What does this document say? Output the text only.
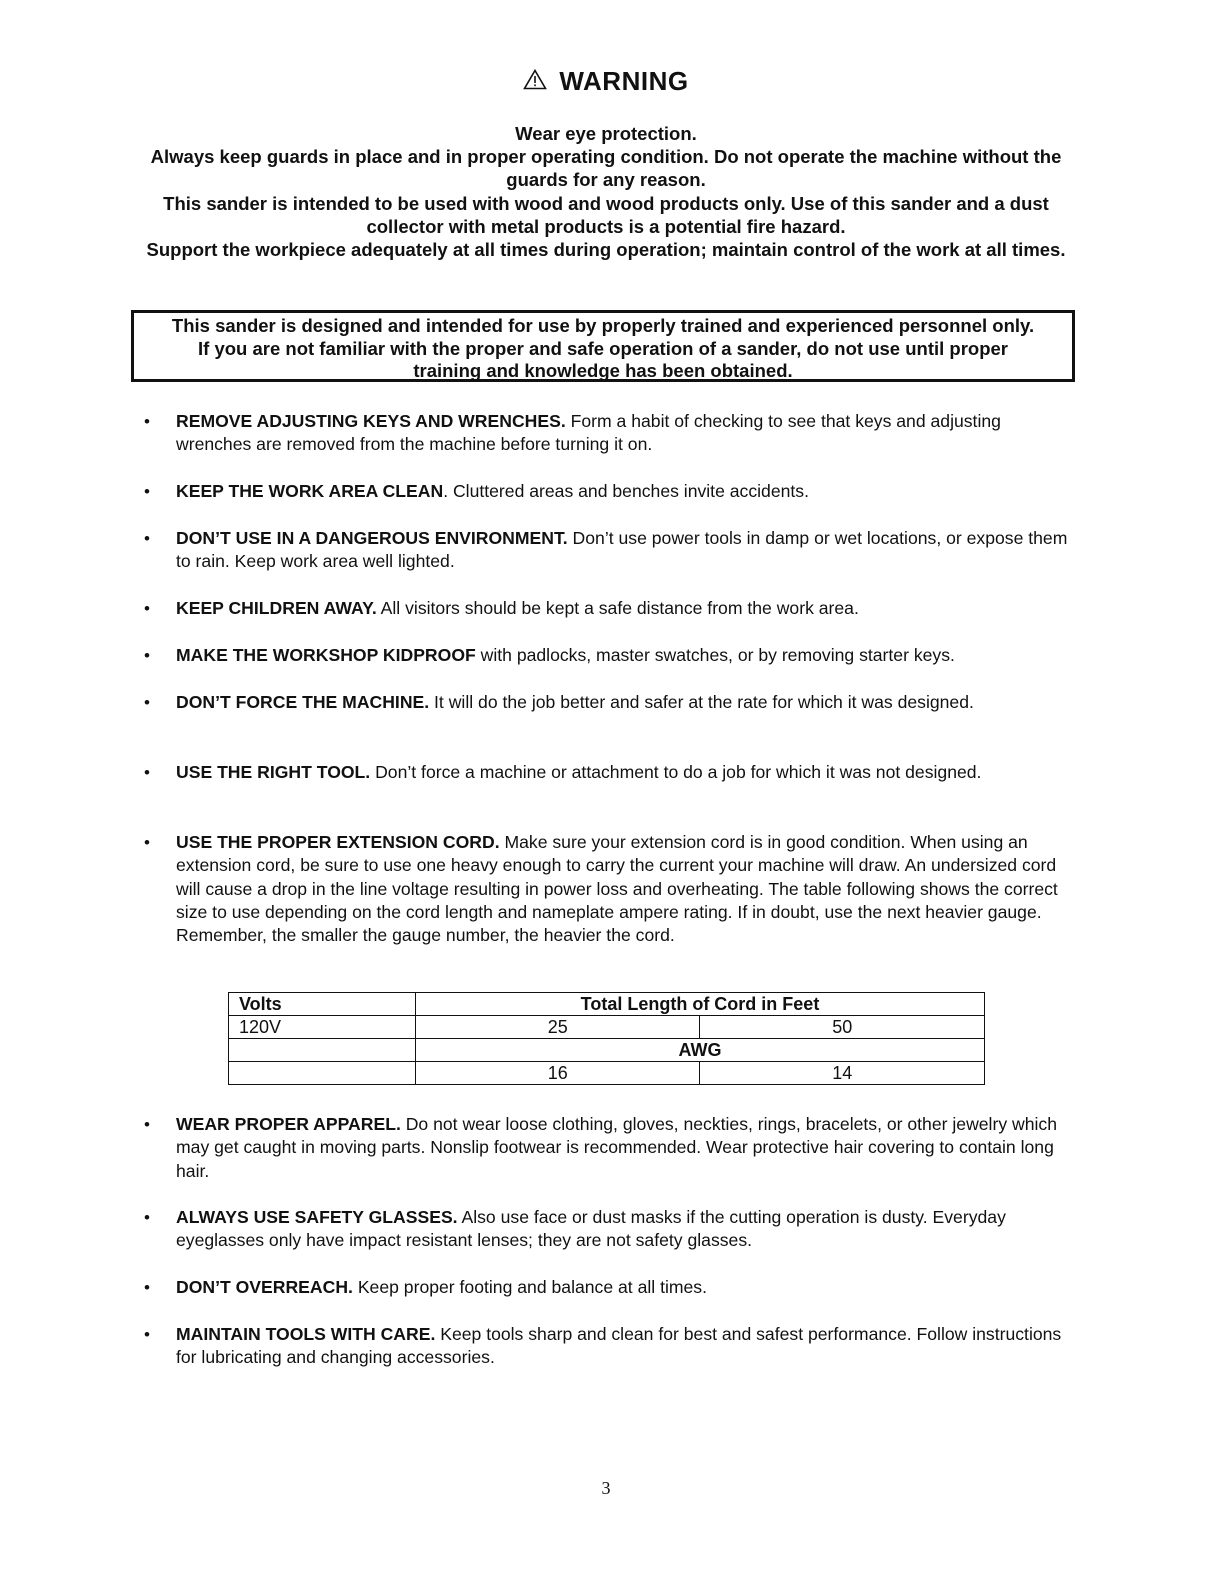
WARNING

Wear eye protection.

Always keep guards in place and in proper operating condition. Do not operate the machine without the guards for any reason.

This sander is intended to be used with wood and wood products only. Use of this sander and a dust collector with metal products is a potential fire hazard.

Support the workpiece adequately at all times during operation; maintain control of the work at all times.

This sander is designed and intended for use by properly trained and experienced personnel only.

If you are not familiar with the proper and safe operation of a sander, do not use until proper

training and knowledge has been obtained.

• REMOVE ADJUSTING KEYS AND WRENCHES. Form a habit of checking to see that keys and adjusting wrenches are removed from the machine before turning it on.
• KEEP THE WORK AREA CLEAN. Cluttered areas and benches invite accidents.
• DON’T USE IN A DANGEROUS ENVIRONMENT. Don’t use power tools in damp or wet locations, or expose them to rain. Keep work area well lighted.
• KEEP CHILDREN AWAY. All visitors should be kept a safe distance from the work area.
• MAKE THE WORKSHOP KIDPROOF with padlocks, master swatches, or by removing starter keys.
• DON’T FORCE THE MACHINE. It will do the job better and safer at the rate for which it was designed.
• USE THE RIGHT TOOL. Don’t force a machine or attachment to do a job for which it was not designed.
• USE THE PROPER EXTENSION CORD. Make sure your extension cord is in good condition. When using an extension cord, be sure to use one heavy enough to carry the current your machine will draw. An undersized cord will cause a drop in the line voltage resulting in power loss and overheating. The table following shows the correct size to use depending on the cord length and nameplate ampere rating. If in doubt, use the next heavier gauge. Remember, the smaller the gauge number, the heavier the cord.
Volts	Total Length of Cord in Feet	
120V	25	50
	AWG	
	16	14
• WEAR PROPER APPAREL. Do not wear loose clothing, gloves, neckties, rings, bracelets, or other jewelry which may get caught in moving parts. Nonslip footwear is recommended. Wear protective hair covering to contain long hair.
• ALWAYS USE SAFETY GLASSES. Also use face or dust masks if the cutting operation is dusty. Everyday eyeglasses only have impact resistant lenses; they are not safety glasses.
• DON’T OVERREACH. Keep proper footing and balance at all times.
• MAINTAIN TOOLS WITH CARE. Keep tools sharp and clean for best and safest performance. Follow instructions for lubricating and changing accessories.
3
